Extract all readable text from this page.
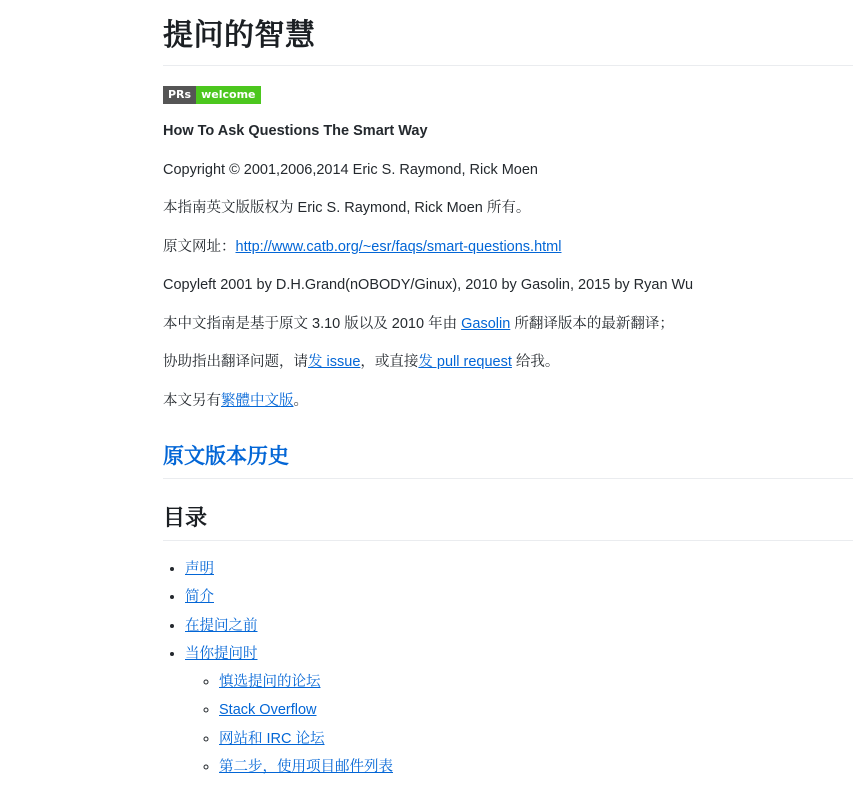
提问的智慧
PRs welcome

How To Ask Questions The Smart Way

Copyright © 2001,2006,2014 Eric S. Raymond, Rick Moen

本指南英文版版权为 Eric S. Raymond, Rick Moen 所有。

原文网址：http://www.catb.org/~esr/faqs/smart-questions.html

Copyleft 2001 by D.H.Grand(nOBODY/Ginux), 2010 by Gasolin, 2015 by Ryan Wu

本中文指南是基于原文 3.10 版以及 2010 年由 Gasolin 所翻译版本的最新翻译；

协助指出翻译问题，请发 issue，或直接发 pull request 给我。

本文另有繁體中文版。

原文版本历史
目录
• 声明
• 简介
• 在提问之前
• 当你提问时
◦ 慎选提问的论坛
◦ Stack Overflow
◦ 网站和 IRC 论坛
◦ 第二步，使用项目邮件列表
